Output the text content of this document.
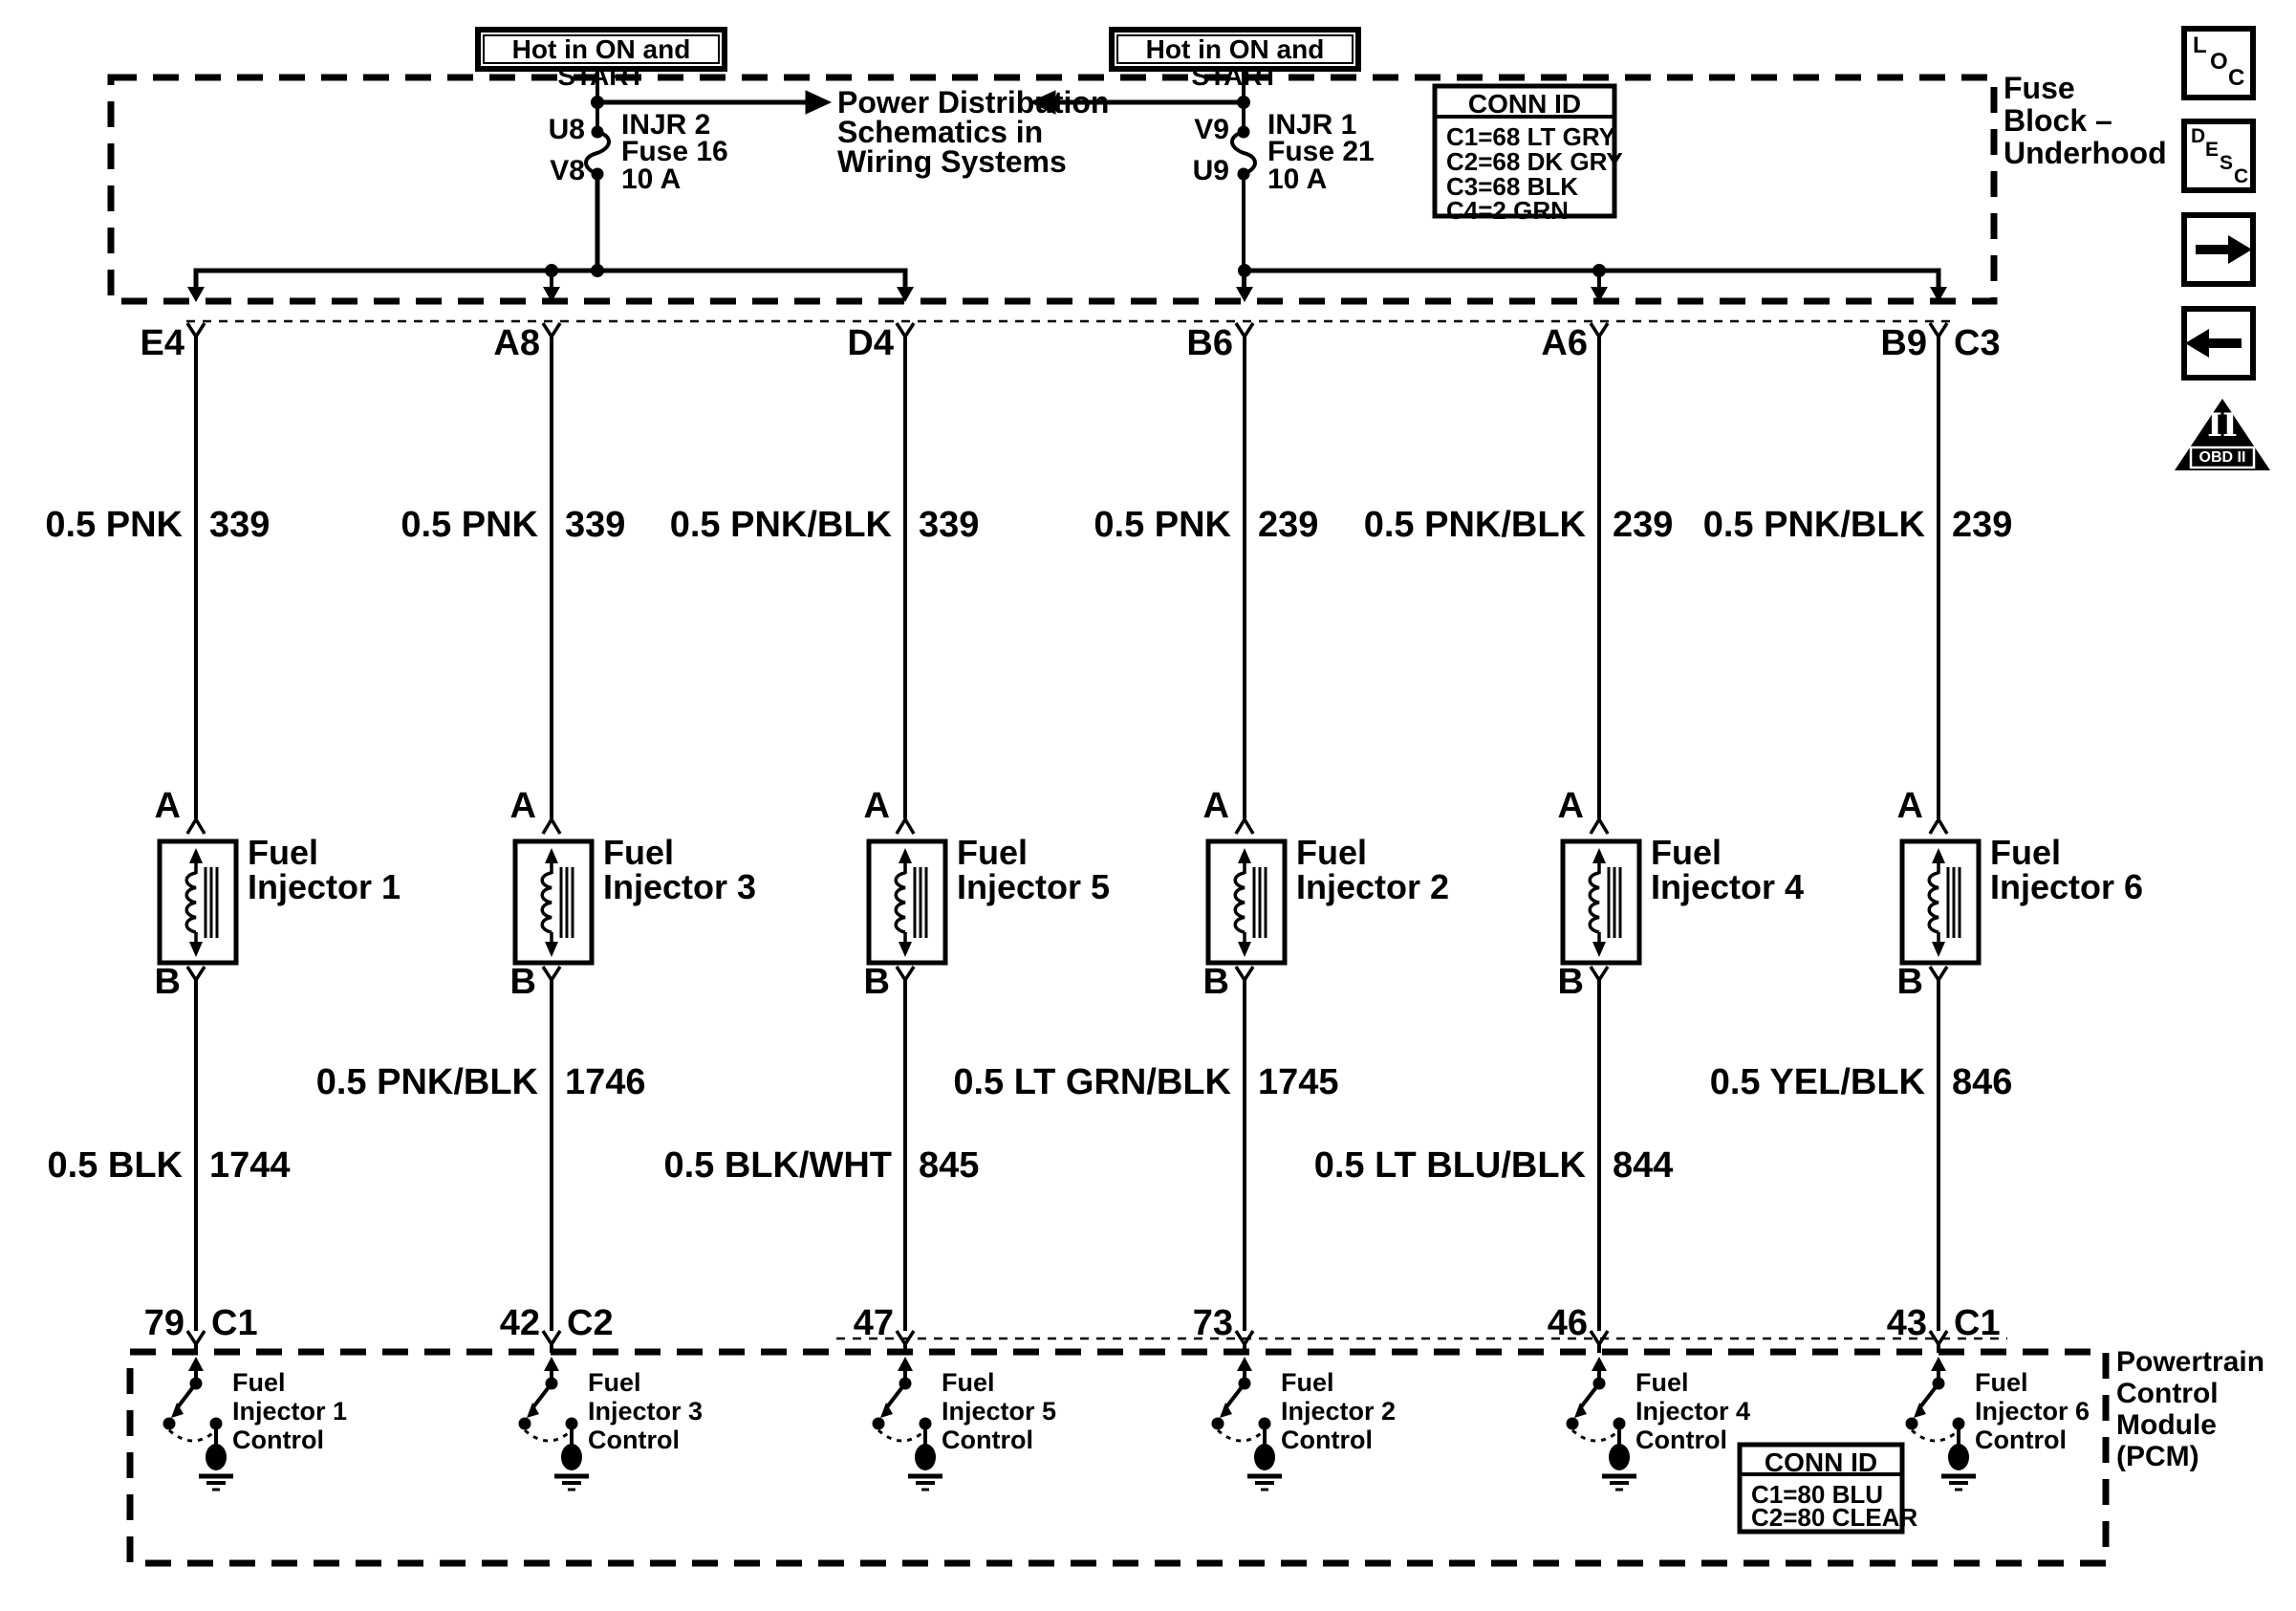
Hot in ON and START
Hot in ON and START
Power Distribution
Schematics in
Wiring Systems
U8
V8
INJR 2
Fuse 16
10 A
V9
U9
INJR 1
Fuse 21
10 A
CONN ID
C1=68 LT GRY
C2=68 DK GRY
C3=68 BLK
C4=2 GRN
Fuse
Block –
Underhood
Powertrain
Control
Module
(PCM)
CONN ID
C1=80 BLU
C2=80 CLEAR
L
O
C
D
E
S
C
II
OBD II
E4
0.5 PNK 339
A
B
Fuel Injector 1
0.5 BLK 1744
79 C1
Fuel Injector 1 Control
A8
0.5 PNK 339
A
B
Fuel Injector 3
0.5 PNK/BLK 1746
42 C2
Fuel Injector 3 Control
D4
0.5 PNK/BLK 339
A
B
Fuel Injector 5
0.5 BLK/WHT 845
47
Fuel Injector 5 Control
B6
0.5 PNK 239
A
B
Fuel Injector 2
0.5 LT GRN/BLK 1745
73
Fuel Injector 2 Control
A6
0.5 PNK/BLK 239
A
B
Fuel Injector 4
0.5 LT BLU/BLK 844
46
Fuel Injector 4 Control
B9 C3
0.5 PNK/BLK 239
A
B
Fuel Injector 6
0.5 YEL/BLK 846
43 C1
Fuel Injector 6 Control
